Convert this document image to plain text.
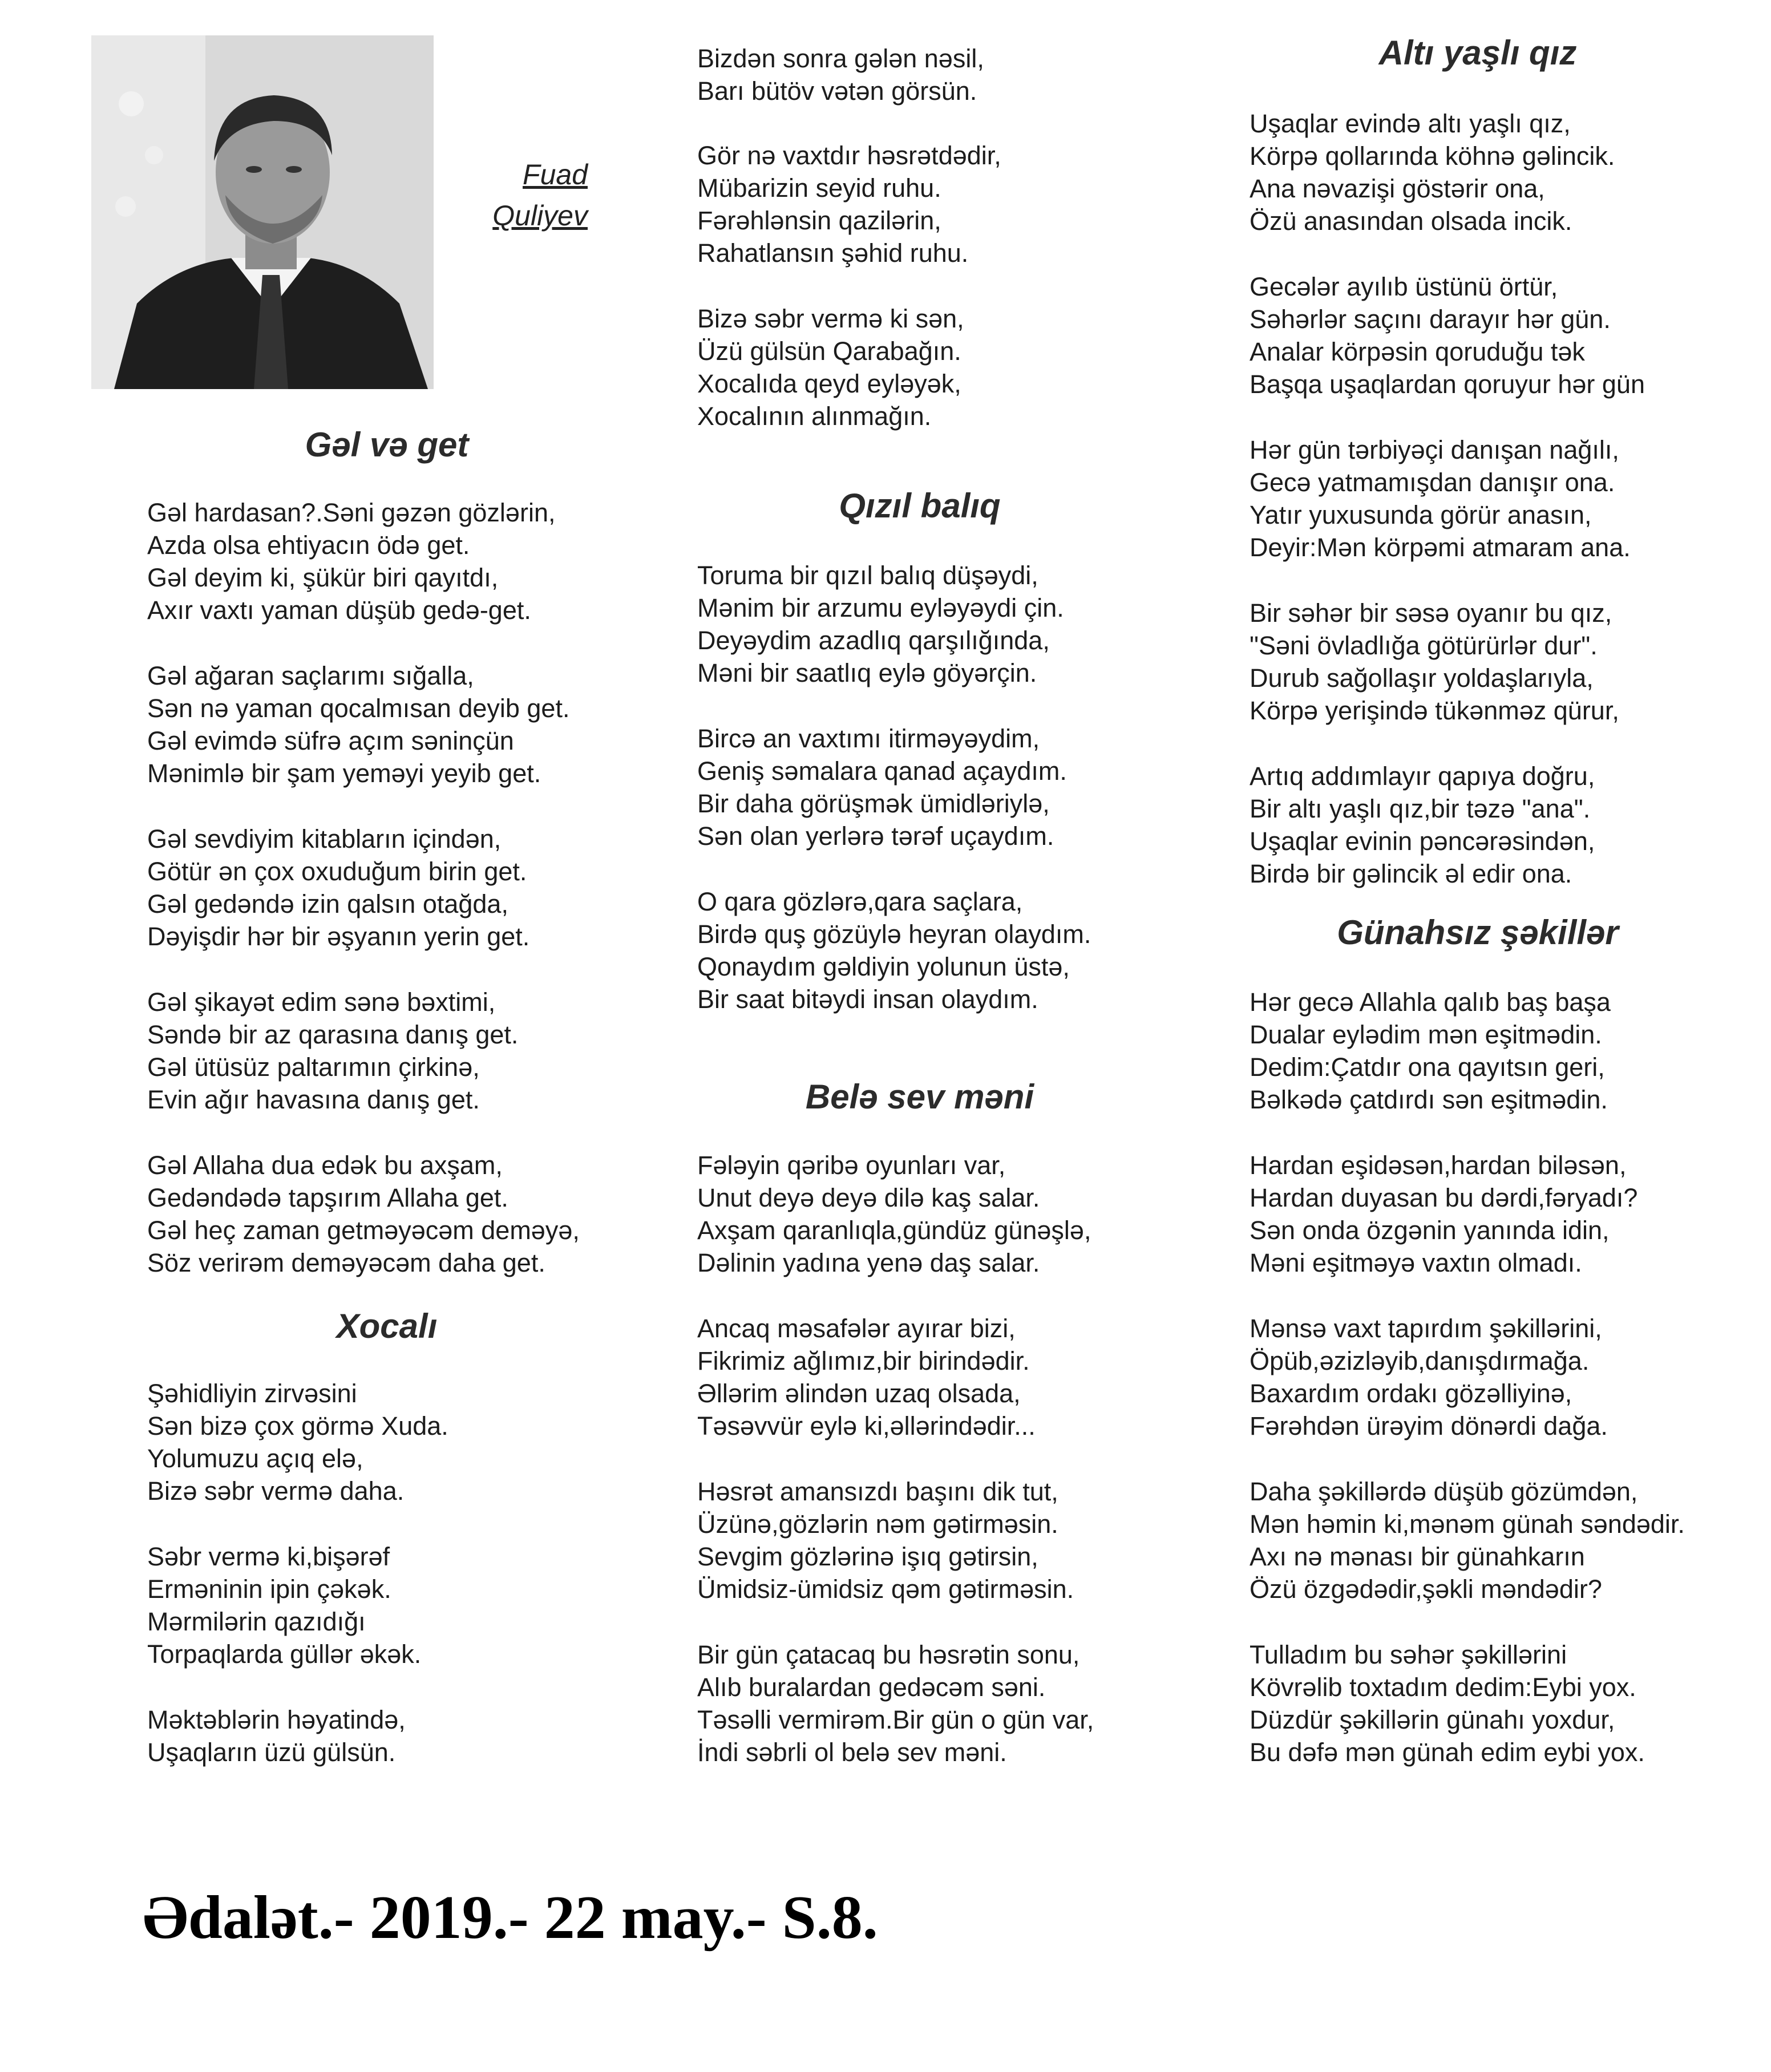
Fuad
Quliyev
Gəl və get
Gəl hardasan?.Səni gəzən gözlərin,
Azda olsa ehtiyacın ödə get.
Gəl deyim ki, şükür biri qayıtdı,
Axır vaxtı yaman düşüb gedə-get.
Gəl ağaran saçlarımı sığalla,
Sən nə yaman qocalmısan deyib get.
Gəl evimdə süfrə açım səninçün
Mənimlə bir şam yeməyi yeyib get.
Gəl sevdiyim kitabların içindən,
Götür ən çox oxuduğum birin get.
Gəl gedəndə izin qalsın otağda,
Dəyişdir hər bir əşyanın yerin get.
Gəl şikayət edim sənə bəxtimi,
Səndə bir az qarasına danış get.
Gəl ütüsüz paltarımın çirkinə,
Evin ağır havasına danış get.
Gəl Allaha dua edək bu axşam,
Gedəndədə tapşırım Allaha get.
Gəl heç zaman getməyəcəm deməyə,
Söz verirəm deməyəcəm daha get.
Xocalı
Şəhidliyin zirvəsini
Sən bizə çox görmə Xuda.
Yolumuzu açıq elə,
Bizə səbr vermə daha.
Səbr vermə ki,bişərəf
Erməninin ipin çəkək.
Mərmilərin qazıdığı
Torpaqlarda güllər əkək.
Məktəblərin həyatində,
Uşaqların üzü gülsün.
Bizdən sonra gələn nəsil,
Barı bütöv vətən görsün.
Gör nə vaxtdır həsrətdədir,
Mübarizin seyid ruhu.
Fərəhlənsin qazilərin,
Rahatlansın şəhid ruhu.
Bizə səbr vermə ki sən,
Üzü gülsün Qarabağın.
Xocalıda qeyd eyləyək,
Xocalının alınmağın.
Qızıl balıq
Toruma bir qızıl balıq düşəydi,
Mənim bir arzumu eyləyəydi çin.
Deyəydim azadlıq qarşılığında,
Məni bir saatlıq eylə göyərçin.
Bircə an vaxtımı itirməyəydim,
Geniş səmalara qanad açaydım.
Bir daha görüşmək ümidləriylə,
Sən olan yerlərə tərəf uçaydım.
O qara gözlərə,qara saçlara,
Birdə quş gözüylə heyran olaydım.
Qonaydım gəldiyin yolunun üstə,
Bir saat bitəydi insan olaydım.
Belə sev məni
Fələyin qəribə oyunları var,
Unut deyə deyə dilə kaş salar.
Axşam qaranlıqla,gündüz günəşlə,
Dəlinin yadına yenə daş salar.
Ancaq məsafələr ayırar bizi,
Fikrimiz ağlımız,bir birindədir.
Əllərim əlindən uzaq olsada,
Təsəvvür eylə ki,əllərindədir...
Həsrət amansızdı başını dik tut,
Üzünə,gözlərin nəm gətirməsin.
Sevgim gözlərinə işıq gətirsin,
Ümidsiz-ümidsiz qəm gətirməsin.
Bir gün çatacaq bu həsrətin sonu,
Alıb buralardan gedəcəm səni.
Təsəlli vermirəm.Bir gün o gün var,
İndi səbrli ol belə sev məni.
Altı yaşlı qız
Uşaqlar evində altı yaşlı qız,
Körpə qollarında köhnə gəlincik.
Ana nəvazişi göstərir ona,
Özü anasından olsada incik.
Gecələr ayılıb üstünü örtür,
Səhərlər saçını darayır hər gün.
Analar körpəsin qoruduğu tək
Başqa uşaqlardan qoruyur hər gün
Hər gün tərbiyəçi danışan nağılı,
Gecə yatmamışdan danışır ona.
Yatır yuxusunda görür anasın,
Deyir:Mən körpəmi atmaram ana.
Bir səhər bir səsə oyanır bu qız,
"Səni övladlığa götürürlər dur".
Durub sağollaşır yoldaşlarıyla,
Körpə yerişində tükənməz qürur,
Artıq addımlayır qapıya doğru,
Bir altı yaşlı qız,bir təzə "ana".
Uşaqlar evinin pəncərəsindən,
Birdə bir gəlincik əl edir ona.
Günahsız şəkillər
Hər gecə Allahla qalıb baş başa
Dualar eylədim mən eşitmədin.
Dedim:Çatdır ona qayıtsın geri,
Bəlkədə çatdırdı sən eşitmədin.
Hardan eşidəsən,hardan biləsən,
Hardan duyasan bu dərdi,fəryadı?
Sən onda özgənin yanında idin,
Məni eşitməyə vaxtın olmadı.
Mənsə vaxt tapırdım şəkillərini,
Öpüb,əzizləyib,danışdırmağa.
Baxardım ordakı gözəlliyinə,
Fərəhdən ürəyim dönərdi dağa.
Daha şəkillərdə düşüb gözümdən,
Mən həmin ki,mənəm günah səndədir.
Axı nə mənası bir günahkarın
Özü özgədədir,şəkli məndədir?
Tulladım bu səhər şəkillərini
Kövrəlib toxtadım dedim:Eybi yox.
Düzdür şəkillərin günahı yoxdur,
Bu dəfə mən günah edim eybi yox.
Ədalət.- 2019.- 22 may.- S.8.
